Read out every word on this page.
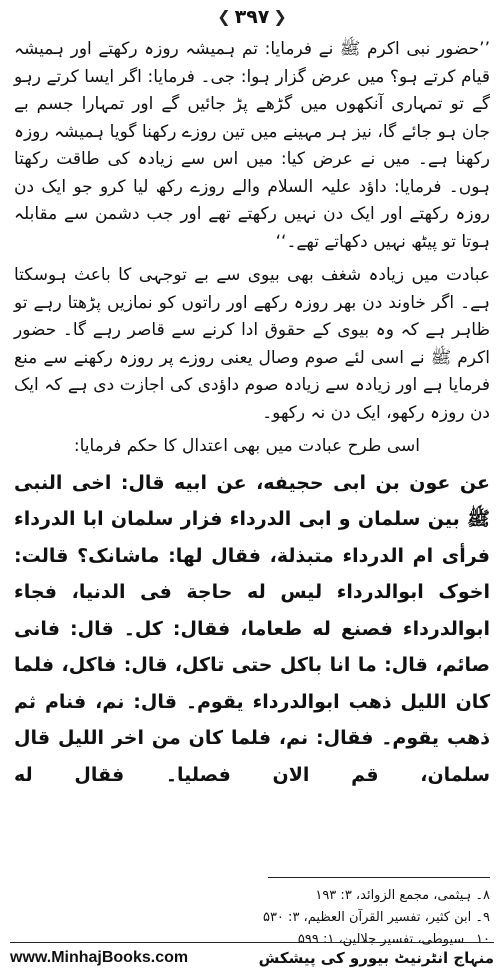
❮ ۳۹۷ ❯

’’حضور نبی اکرم ﷺ نے فرمایا: تم ہمیشہ روزہ رکھتے اور ہمیشہ قیام کرتے ہو؟ میں عرض گزار ہوا: جی۔ فرمایا: اگر ایسا کرتے رہو گے تو تمہاری آنکھوں میں گڑھے پڑ جائیں گے اور تمہارا جسم بے جان ہو جائے گا، نیز ہر مہینے میں تین روزے رکھنا گویا ہمیشہ روزہ رکھنا ہے۔ میں نے عرض کیا: میں اس سے زیادہ کی طاقت رکھتا ہوں۔ فرمایا: داؤد علیہ السلام والے روزے رکھ لیا کرو جو ایک دن روزہ رکھتے اور ایک دن نہیں رکھتے تھے اور جب دشمن سے مقابلہ ہوتا تو پیٹھ نہیں دکھاتے تھے۔‘‘

عبادت میں زیادہ شغف بھی بیوی سے بے توجہی کا باعث ہوسکتا ہے۔ اگر خاوند دن بھر روزہ رکھے اور راتوں کو نمازیں پڑھتا رہے تو ظاہر ہے کہ وہ بیوی کے حقوق ادا کرنے سے قاصر رہے گا۔ حضور اکرم ﷺ نے اسی لئے صوم وصال یعنی روزے پر روزہ رکھنے سے منع فرمایا ہے اور زیادہ سے زیادہ صوم داؤدی کی اجازت دی ہے کہ ایک دن روزہ رکھو، ایک دن نہ رکھو۔

اسی طرح عبادت میں بھی اعتدال کا حکم فرمایا:

عن عون بن ابی حجیفه، عن ابیه قال: اخی النبی ﷺ بین سلمان و ابی الدرداء فزار سلمان ابا الدرداء فرأی ام الدرداء متبذلة، فقال لها: ماشانک؟ قالت: اخوک ابوالدرداء لیس له حاجة فی الدنیا، فجاء ابوالدرداء فصنع له طعاما، فقال: کل۔ قال: فانی صائم، قال: ما انا باکل حتی تاکل، قال: فاکل، فلما کان اللیل ذهب ابوالدرداء یقوم۔ قال: نم، فنام ثم ذهب یقوم۔ فقال: نم، فلما کان من اخر اللیل قال سلمان، قم الان فصلیا۔ فقال له

۸۔ ہیثمی، مجمع الزوائد، ۳: ۱۹۳
۹۔ ابن کثیر، تفسیر القرآن العظیم، ۳: ۵۳۰
۱۰۔ سیوطی، تفسیر جلالین، ۱: ۵۹۹
www.MinhajBooks.com	منہاج انٹرنیٹ بیورو کی پیشکش
